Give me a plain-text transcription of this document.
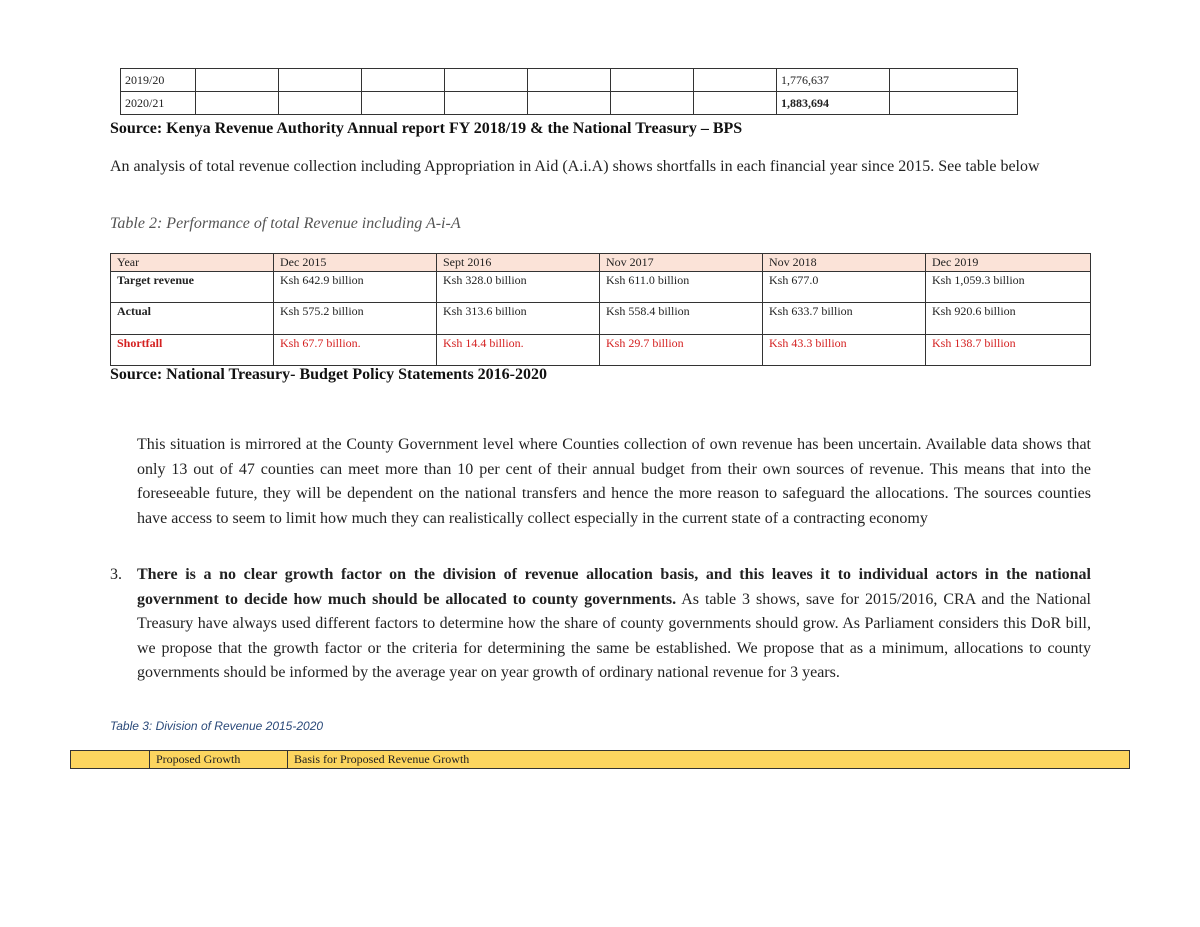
2019/20								1,776,637	
2020/21								1,883,694	
Source: Kenya Revenue Authority Annual report FY 2018/19 & the National Treasury – BPS
An analysis of total revenue collection including Appropriation in Aid (A.i.A) shows shortfalls in each financial year since 2015. See table below
Table 2: Performance of total Revenue including A-i-A
Year	Dec 2015	Sept 2016	Nov 2017	Nov 2018	Dec 2019
Target revenue	Ksh 642.9 billion	Ksh 328.0 billion	Ksh 611.0 billion	Ksh 677.0	Ksh 1,059.3 billion
Actual	Ksh 575.2 billion	Ksh 313.6 billion	Ksh 558.4 billion	Ksh 633.7 billion	Ksh 920.6 billion
Shortfall	Ksh 67.7 billion.	Ksh 14.4 billion.	Ksh 29.7 billion	Ksh 43.3 billion	Ksh 138.7 billion
Source: National Treasury- Budget Policy Statements 2016-2020
This situation is mirrored at the County Government level where Counties collection of own revenue has been uncertain. Available data shows that only 13 out of 47 counties can meet more than 10 per cent of their annual budget from their own sources of revenue. This means that into the foreseeable future, they will be dependent on the national transfers and hence the more reason to safeguard the allocations. The sources counties have access to seem to limit how much they can realistically collect especially in the current state of a contracting economy
3. There is a no clear growth factor on the division of revenue allocation basis, and this leaves it to individual actors in the national government to decide how much should be allocated to county governments. As table 3 shows, save for 2015/2016, CRA and the National Treasury have always used different factors to determine how the share of county governments should grow. As Parliament considers this DoR bill, we propose that the growth factor or the criteria for determining the same be established. We propose that as a minimum, allocations to county governments should be informed by the average year on year growth of ordinary national revenue for 3 years.
Table 3: Division of Revenue 2015-2020
	Proposed Growth	Basis for Proposed Revenue Growth
